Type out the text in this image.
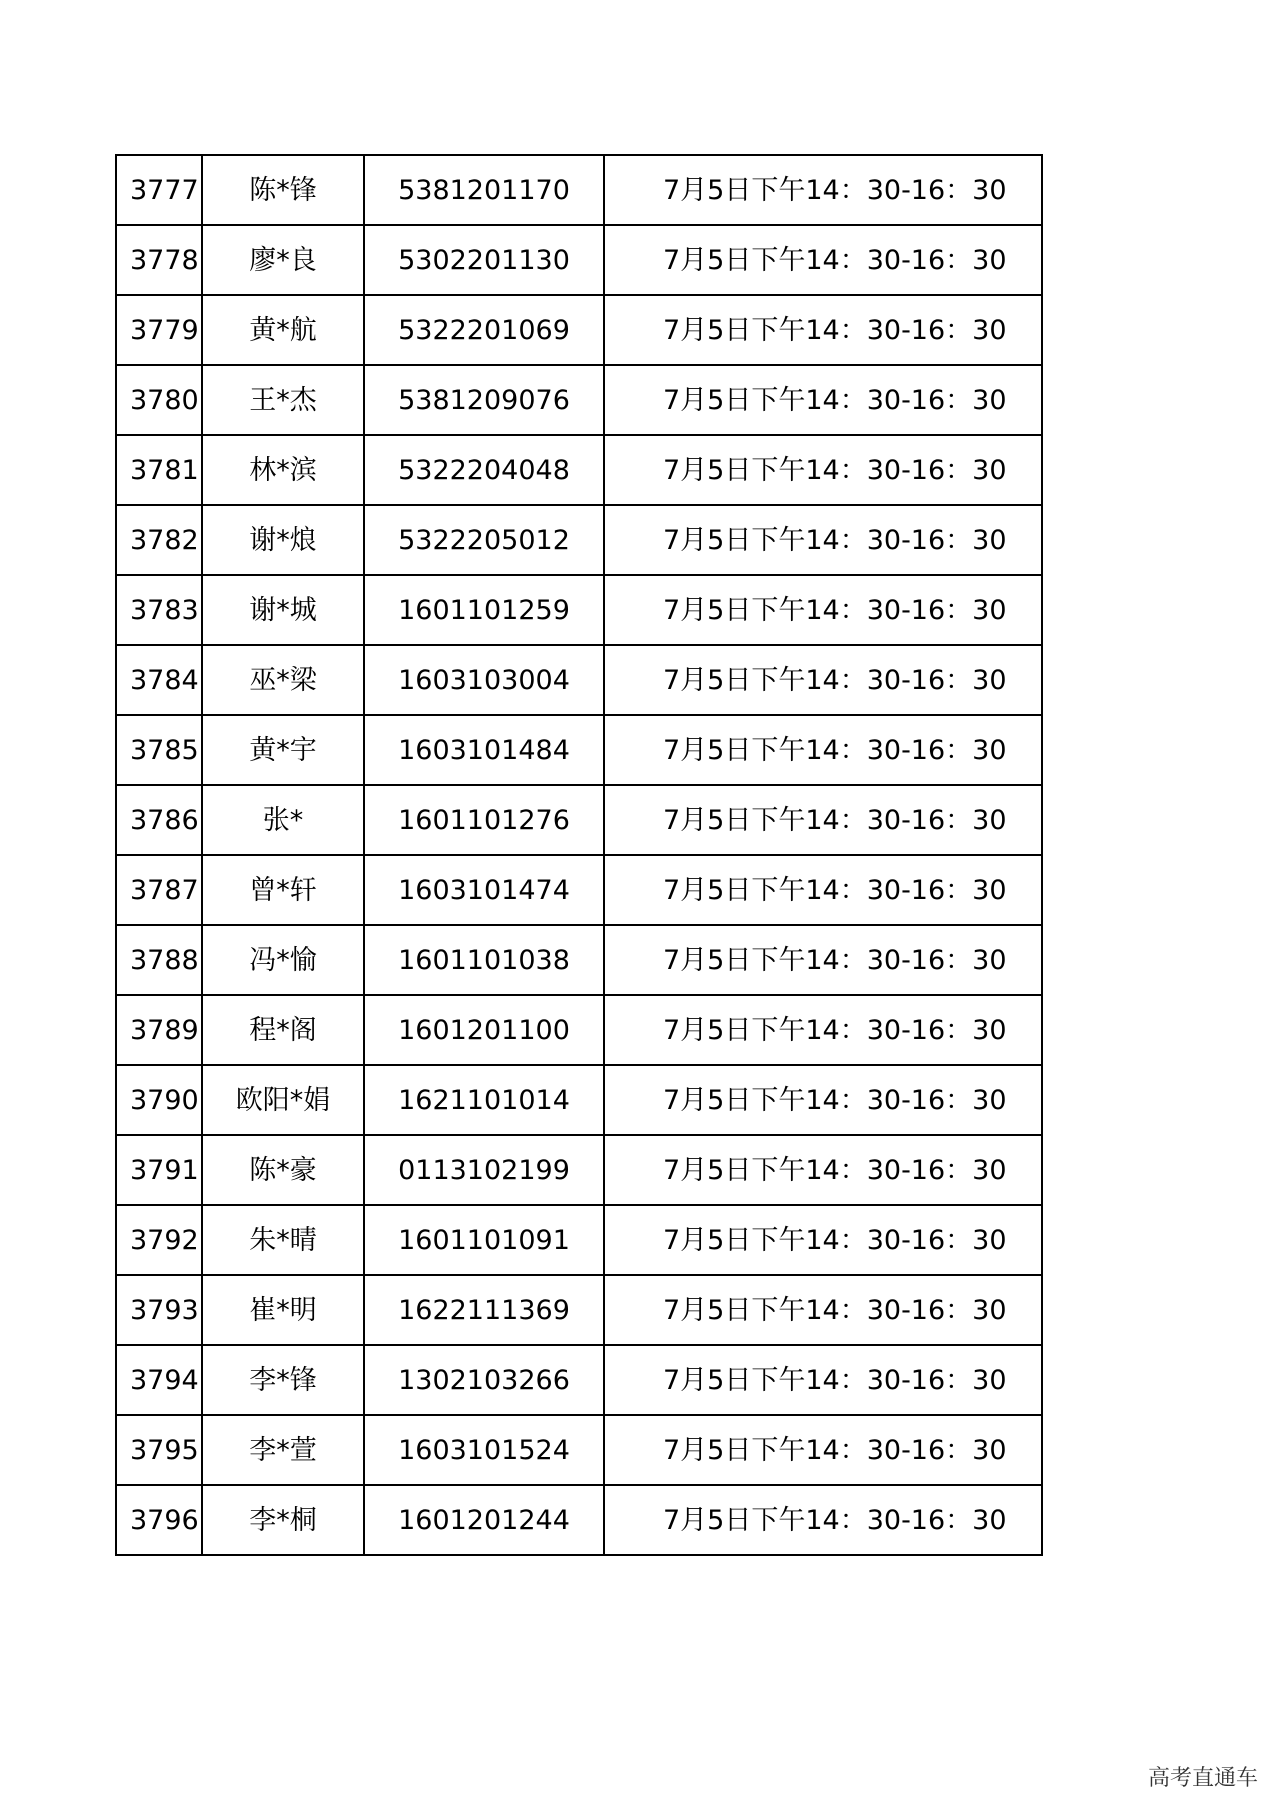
3777	陈*锋	5381201170	7月5日下午14：30-16：30
3778	廖*良	5302201130	7月5日下午14：30-16：30
3779	黄*航	5322201069	7月5日下午14：30-16：30
3780	王*杰	5381209076	7月5日下午14：30-16：30
3781	林*滨	5322204048	7月5日下午14：30-16：30
3782	谢*烺	5322205012	7月5日下午14：30-16：30
3783	谢*城	1601101259	7月5日下午14：30-16：30
3784	巫*梁	1603103004	7月5日下午14：30-16：30
3785	黄*宇	1603101484	7月5日下午14：30-16：30
3786	张*	1601101276	7月5日下午14：30-16：30
3787	曾*轩	1603101474	7月5日下午14：30-16：30
3788	冯*愉	1601101038	7月5日下午14：30-16：30
3789	程*阁	1601201100	7月5日下午14：30-16：30
3790	欧阳*娟	1621101014	7月5日下午14：30-16：30
3791	陈*豪	0113102199	7月5日下午14：30-16：30
3792	朱*晴	1601101091	7月5日下午14：30-16：30
3793	崔*明	1622111369	7月5日下午14：30-16：30
3794	李*锋	1302103266	7月5日下午14：30-16：30
3795	李*萱	1603101524	7月5日下午14：30-16：30
3796	李*桐	1601201244	7月5日下午14：30-16：30
高考直通车
